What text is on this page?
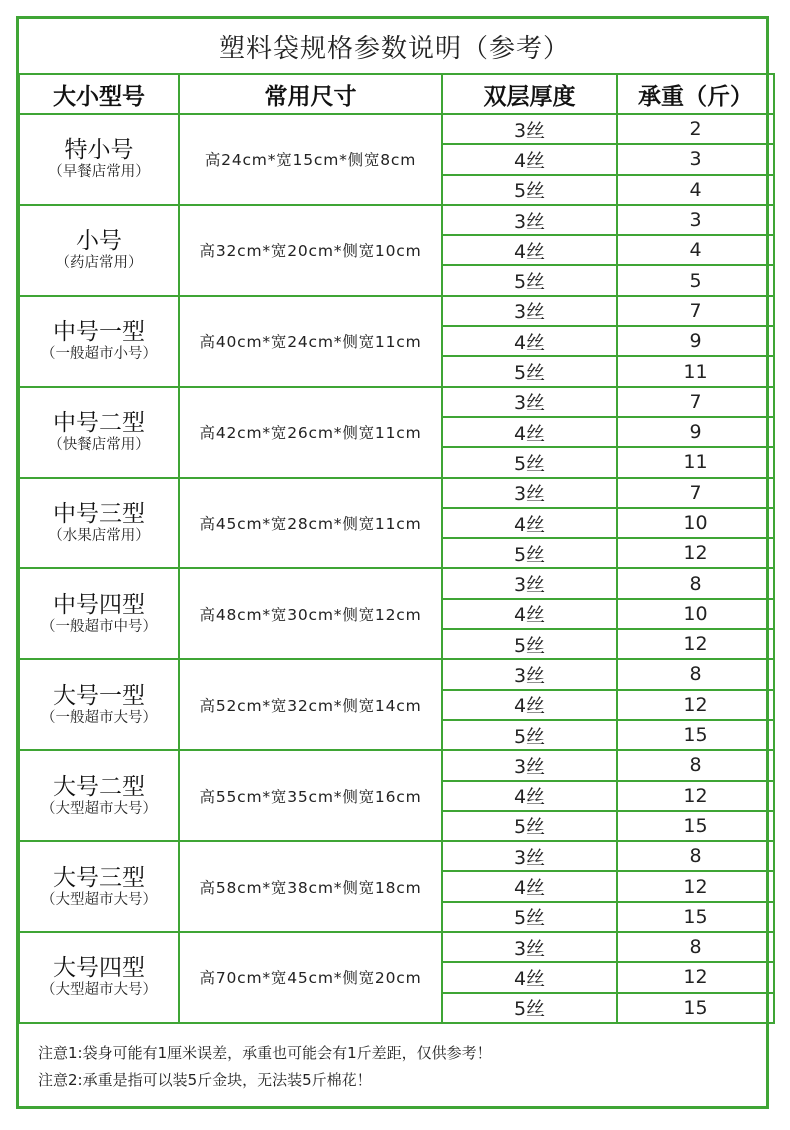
塑料袋规格参数说明（参考）
大小型号	常用尺寸	双层厚度	承重（斤）

特小号
（早餐店常用）	高24cm*宽15cm*侧宽8cm	3丝	2
		4丝	3
		5丝	4

小号
（药店常用）	高32cm*宽20cm*侧宽10cm	3丝	3
		4丝	4
		5丝	5

中号一型
（一般超市小号）	高40cm*宽24cm*侧宽11cm	3丝	7
		4丝	9
		5丝	11

中号二型
（快餐店常用）	高42cm*宽26cm*侧宽11cm	3丝	7
		4丝	9
		5丝	11

中号三型
（水果店常用）	高45cm*宽28cm*侧宽11cm	3丝	7
		4丝	10
		5丝	12

中号四型
（一般超市中号）	高48cm*宽30cm*侧宽12cm	3丝	8
		4丝	10
		5丝	12

大号一型
（一般超市大号）	高52cm*宽32cm*侧宽14cm	3丝	8
		4丝	12
		5丝	15

大号二型
（大型超市大号）	高55cm*宽35cm*侧宽16cm	3丝	8
		4丝	12
		5丝	15

大号三型
（大型超市大号）	高58cm*宽38cm*侧宽18cm	3丝	8
		4丝	12
		5丝	15

大号四型
（大型超市大号）	高70cm*宽45cm*侧宽20cm	3丝	8
		4丝	12
		5丝	15
注意1:袋身可能有1厘米误差，承重也可能会有1斤差距，仅供参考！
注意2:承重是指可以装5斤金块，无法装5斤棉花！
